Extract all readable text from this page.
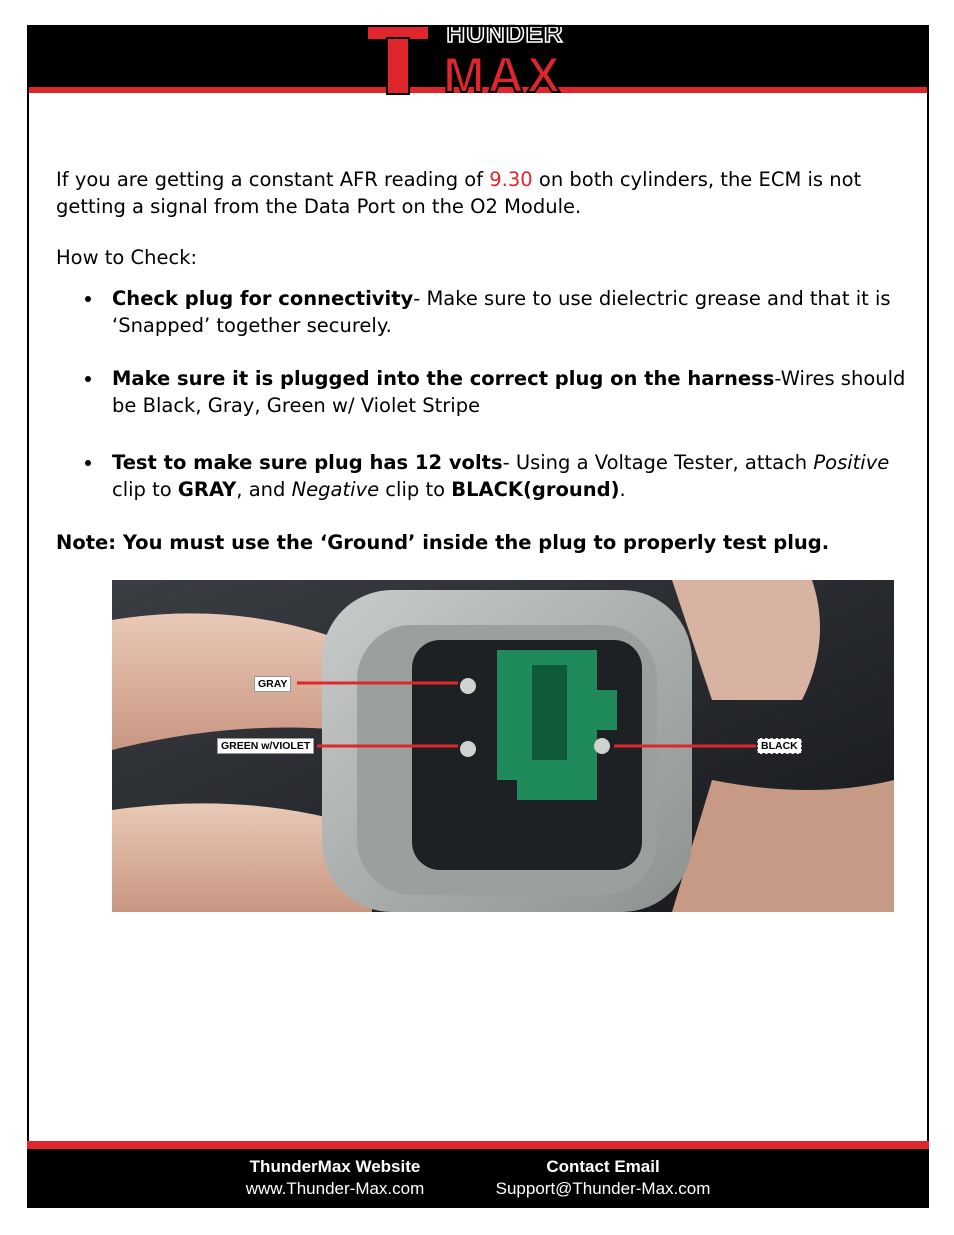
HUNDER
MAX

If you are getting a constant AFR reading of 9.30 on both cylinders, the ECM is not getting a signal from the Data Port on the O2 Module.

How to Check:

Check plug for connectivity- Make sure to use dielectric grease and that it is ‘Snapped’ together securely.
Make sure it is plugged into the correct plug on the harness-Wires should be Black, Gray, Green w/ Violet Stripe
Test to make sure plug has 12 volts- Using a Voltage Tester, attach Positive clip to GRAY, and Negative clip to BLACK(ground).

Note: You must use the ‘Ground’ inside the plug to properly test plug.

GRAY
GREEN w/VIOLET	BLACK
ThunderMax Website
www.Thunder-Max.com
Contact Email
Support@Thunder-Max.com
